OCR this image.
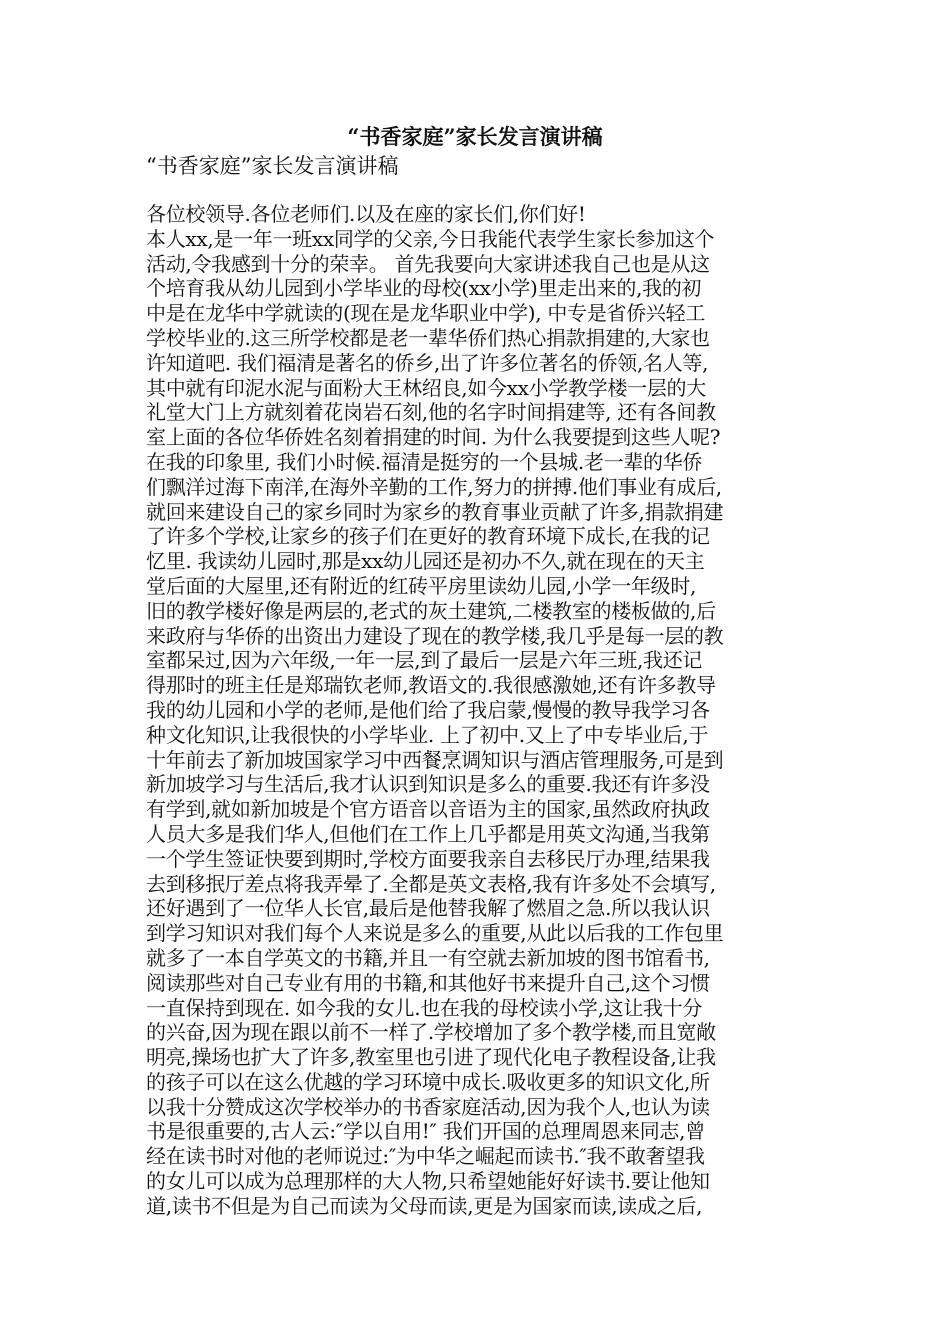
“书香家庭”家长发言演讲稿
“书香家庭”家长发言演讲稿
各位校领导.各位老师们.以及在座的家长们,你们好!
本人xx,是一年一班xx同学的父亲,今日我能代表学生家长参加这个
活动,令我感到十分的荣幸。 首先我要向大家讲述我自己也是从这
个培育我从幼儿园到小学毕业的母校(xx小学)里走出来的,我的初
中是在龙华中学就读的(现在是龙华职业中学), 中专是省侨兴轻工
学校毕业的.这三所学校都是老一辈华侨们热心捐款捐建的,大家也
许知道吧. 我们福清是著名的侨乡,出了许多位著名的侨领,名人等,
其中就有印泥水泥与面粉大王林绍良,如今xx小学教学楼一层的大
礼堂大门上方就刻着花岗岩石刻,他的名字时间捐建等, 还有各间教
室上面的各位华侨姓名刻着捐建的时间. 为什么我要提到这些人呢?
在我的印象里, 我们小时候.福清是挺穷的一个县城.老一辈的华侨
们飘洋过海下南洋,在海外辛勤的工作,努力的拼搏.他们事业有成后,
就回来建设自己的家乡同时为家乡的教育事业贡献了许多,捐款捐建
了许多个学校,让家乡的孩子们在更好的教育环境下成长,在我的记
忆里. 我读幼儿园时,那是xx幼儿园还是初办不久,就在现在的天主
堂后面的大屋里,还有附近的红砖平房里读幼儿园,小学一年级时,
旧的教学楼好像是两层的,老式的灰土建筑,二楼教室的楼板做的,后
来政府与华侨的出资出力建设了现在的教学楼,我几乎是每一层的教
室都呆过,因为六年级,一年一层,到了最后一层是六年三班,我还记
得那时的班主任是郑瑞钦老师,教语文的.我很感激她,还有许多教导
我的幼儿园和小学的老师,是他们给了我启蒙,慢慢的教导我学习各
种文化知识,让我很快的小学毕业. 上了初中.又上了中专毕业后,于
十年前去了新加坡国家学习中西餐烹调知识与酒店管理服务,可是到
新加坡学习与生活后,我才认识到知识是多么的重要.我还有许多没
有学到,就如新加坡是个官方语音以音语为主的国家,虽然政府执政
人员大多是我们华人,但他们在工作上几乎都是用英文沟通,当我第
一个学生签证快要到期时,学校方面要我亲自去移民厅办理,结果我
去到移抿厅差点将我弄晕了.全都是英文表格,我有许多处不会填写,
还好遇到了一位华人长官,最后是他替我解了燃眉之急.所以我认识
到学习知识对我们每个人来说是多么的重要,从此以后我的工作包里
就多了一本自学英文的书籍,并且一有空就去新加坡的图书馆看书,
阅读那些对自己专业有用的书籍,和其他好书来提升自己,这个习惯
一直保持到现在. 如今我的女儿.也在我的母校读小学,这让我十分
的兴奋,因为现在跟以前不一样了.学校增加了多个教学楼,而且宽敞
明亮,操场也扩大了许多,教室里也引进了现代化电子教程设备,让我
的孩子可以在这么优越的学习环境中成长.吸收更多的知识文化,所
以我十分赞成这次学校举办的书香家庭活动,因为我个人,也认为读
书是很重要的,古人云:″学以自用!″ 我们开国的总理周恩来同志,曾
经在读书时对他的老师说过:″为中华之崛起而读书.″我不敢奢望我
的女儿可以成为总理那样的大人物,只希望她能好好读书.要让他知
道,读书不但是为自己而读为父母而读,更是为国家而读,读成之后,
